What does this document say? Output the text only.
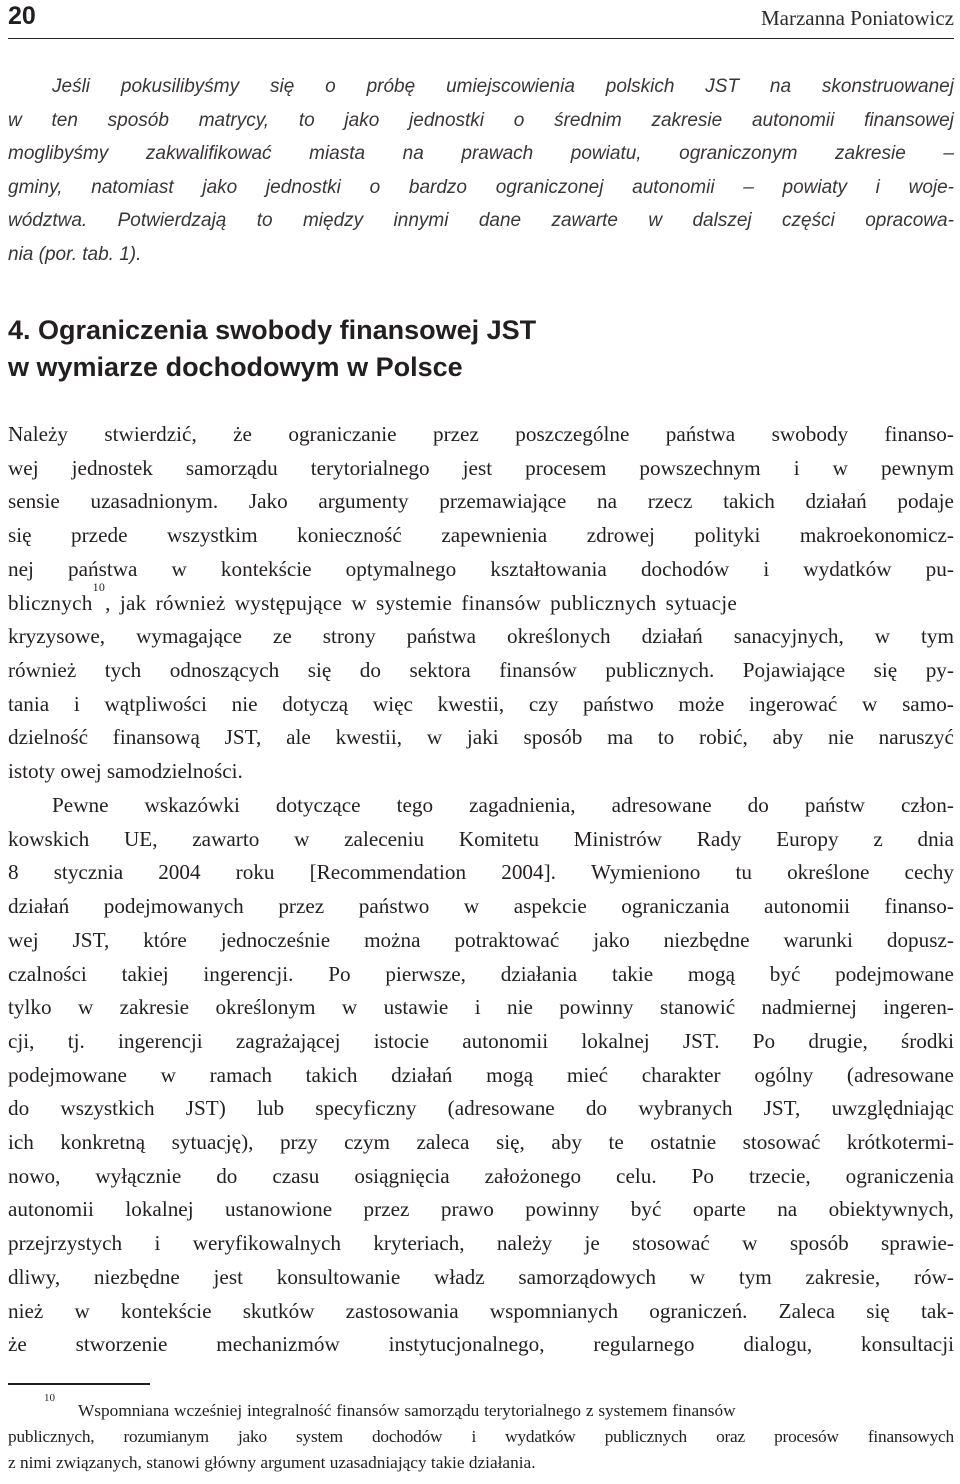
20	Marzanna Poniatowicz
Jeśli pokusilibyśmy się o próbę umiejscowienia polskich JST na skonstruowanej
w ten sposób matrycy, to jako jednostki o średnim zakresie autonomii finansowej
moglibyśmy zakwalifikować miasta na prawach powiatu, ograniczonym zakresie –
gminy, natomiast jako jednostki o bardzo ograniczonej autonomii – powiaty i woje-
wództwa. Potwierdzają to między innymi dane zawarte w dalszej części opracowa-
nia (por. tab. 1).
4. Ograniczenia swobody finansowej JST
w wymiarze dochodowym w Polsce
Należy stwierdzić, że ograniczanie przez poszczególne państwa swobody finanso-
wej jednostek samorządu terytorialnego jest procesem powszechnym i w pewnym
sensie uzasadnionym. Jako argumenty przemawiające na rzecz takich działań podaje
się przede wszystkim konieczność zapewnienia zdrowej polityki makroekonomicz-
nej państwa w kontekście optymalnego kształtowania dochodów i wydatków pu-
blicznych
10
, jak również występujące w systemie finansów publicznych sytuacje
kryzysowe, wymagające ze strony państwa określonych działań sanacyjnych, w tym
również tych odnoszących się do sektora finansów publicznych. Pojawiające się py-
tania i wątpliwości nie dotyczą więc kwestii, czy państwo może ingerować w samo-
dzielność finansową JST, ale kwestii, w jaki sposób ma to robić, aby nie naruszyć
istoty owej samodzielności.
Pewne wskazówki dotyczące tego zagadnienia, adresowane do państw człon-
kowskich UE, zawarto w zaleceniu Komitetu Ministrów Rady Europy z dnia
8 stycznia 2004 roku [Recommendation 2004]. Wymieniono tu określone cechy
działań podejmowanych przez państwo w aspekcie ograniczania autonomii finanso-
wej JST, które jednocześnie można potraktować jako niezbędne warunki dopusz-
czalności takiej ingerencji. Po pierwsze, działania takie mogą być podejmowane
tylko w zakresie określonym w ustawie i nie powinny stanowić nadmiernej ingeren-
cji, tj. ingerencji zagrażającej istocie autonomii lokalnej JST. Po drugie, środki
podejmowane w ramach takich działań mogą mieć charakter ogólny (adresowane
do wszystkich JST) lub specyficzny (adresowane do wybranych JST, uwzględniając
ich konkretną sytuację), przy czym zaleca się, aby te ostatnie stosować krótkotermi-
nowo, wyłącznie do czasu osiągnięcia założonego celu. Po trzecie, ograniczenia
autonomii lokalnej ustanowione przez prawo powinny być oparte na obiektywnych,
przejrzystych i weryfikowalnych kryteriach, należy je stosować w sposób sprawie-
dliwy, niezbędne jest konsultowanie władz samorządowych w tym zakresie, rów-
nież w kontekście skutków zastosowania wspomnianych ograniczeń. Zaleca się tak-
że stworzenie mechanizmów instytucjonalnego, regularnego dialogu, konsultacji
10
Wspomniana wcześniej integralność finansów samorządu terytorialnego z systemem finansów
publicznych, rozumianym jako system dochodów i wydatków publicznych oraz procesów finansowych
z nimi związanych, stanowi główny argument uzasadniający takie działania.
